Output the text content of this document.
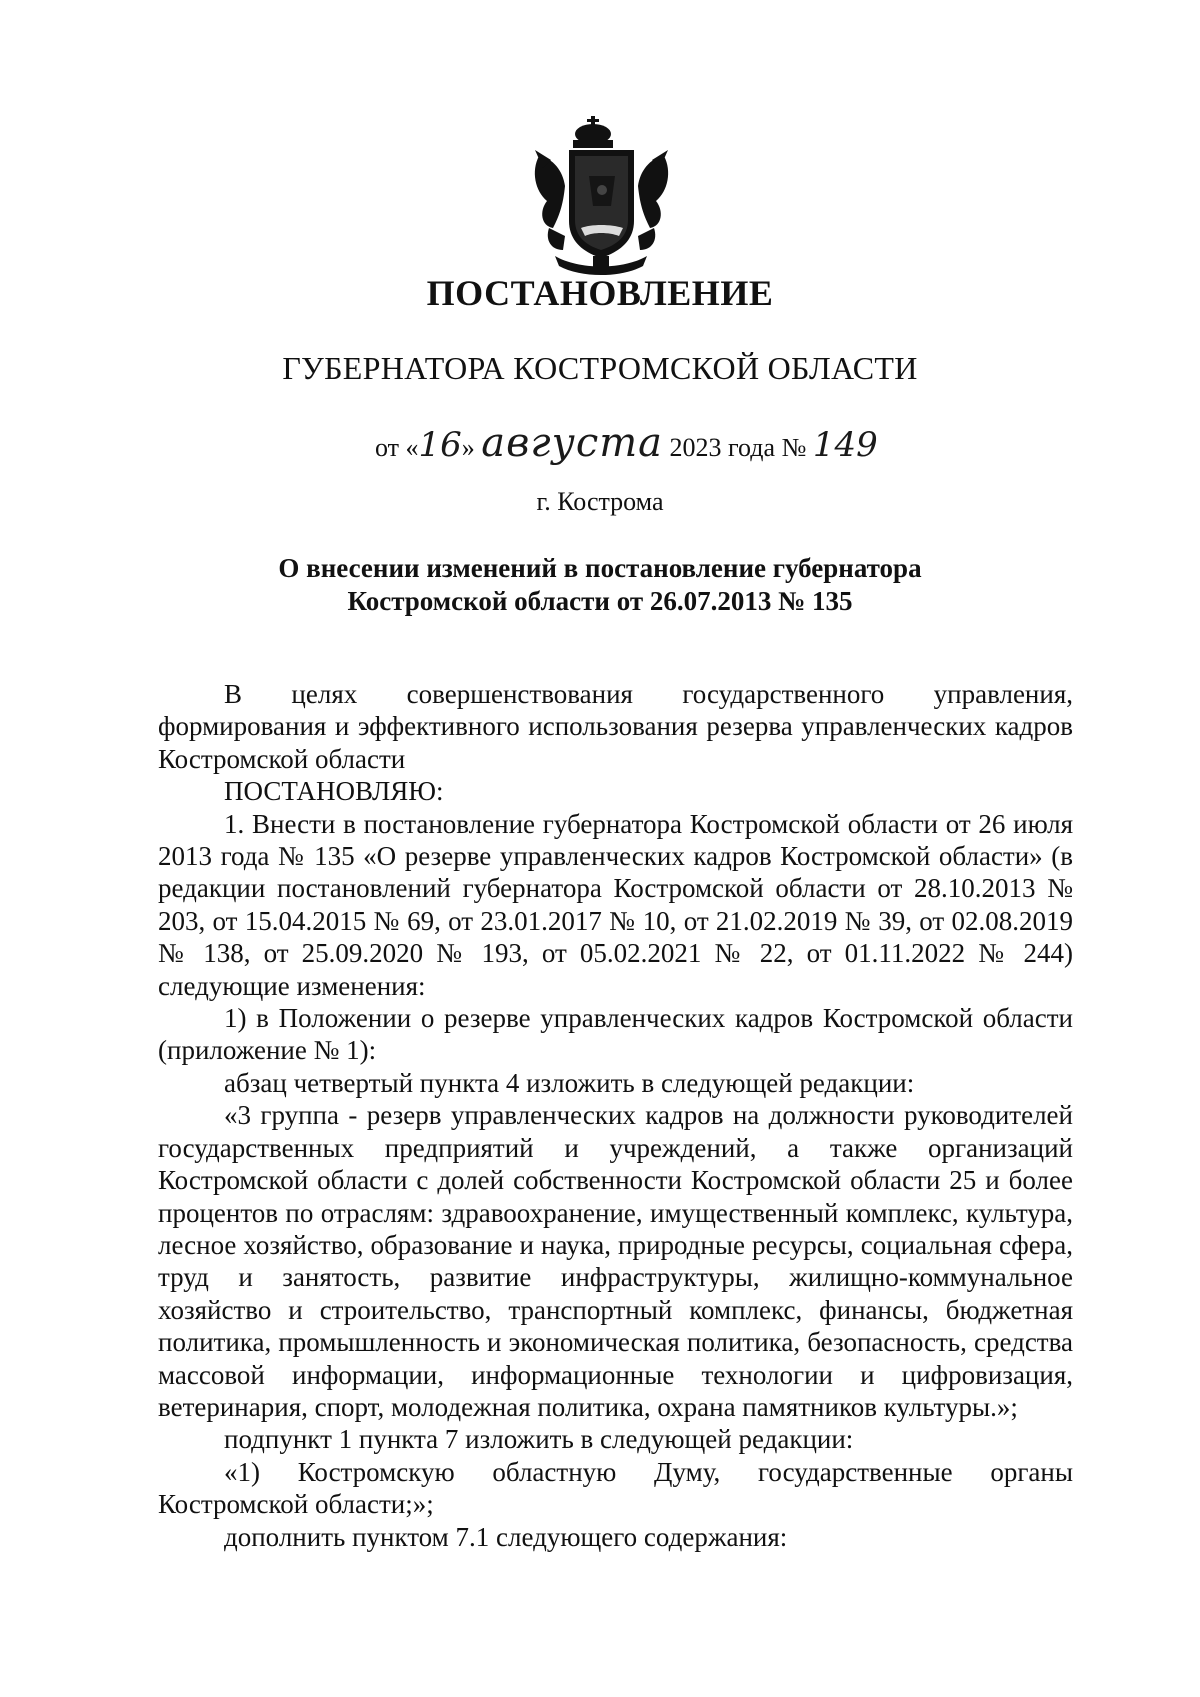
ПОСТАНОВЛЕНИЕ
ГУБЕРНАТОРА КОСТРОМСКОЙ ОБЛАСТИ
от «16» августа 2023 года № 149
г. Кострома
О внесении изменений в постановление губернатора
Костромской области от 26.07.2013 № 135

В целях совершенствования государственного управления, формирования и эффективного использования резерва управленческих кадров Костромской области

ПОСТАНОВЛЯЮ:

1. Внести в постановление губернатора Костромской области от 26 июля 2013 года № 135 «О резерве управленческих кадров Костромской области» (в редакции постановлений губернатора Костромской области от 28.10.2013 № 203, от 15.04.2015 № 69, от 23.01.2017 № 10, от 21.02.2019 № 39, от 02.08.2019 № 138, от 25.09.2020 № 193, от 05.02.2021 № 22, от 01.11.2022 № 244) следующие изменения:

1) в Положении о резерве управленческих кадров Костромской области (приложение № 1):

абзац четвертый пункта 4 изложить в следующей редакции:

«3 группа - резерв управленческих кадров на должности руководителей государственных предприятий и учреждений, а также организаций Костромской области с долей собственности Костромской области 25 и более процентов по отраслям: здравоохранение, имущественный комплекс, культура, лесное хозяйство, образование и наука, природные ресурсы, социальная сфера, труд и занятость, развитие инфраструктуры, жилищно-коммунальное хозяйство и строительство, транспортный комплекс, финансы, бюджетная политика, промышленность и экономическая политика, безопасность, средства массовой информации, информационные технологии и цифровизация, ветеринария, спорт, молодежная политика, охрана памятников культуры.»;

подпункт 1 пункта 7 изложить в следующей редакции:

«1) Костромскую областную Думу, государственные органы Костромской области;»;

дополнить пунктом 7.1 следующего содержания:
